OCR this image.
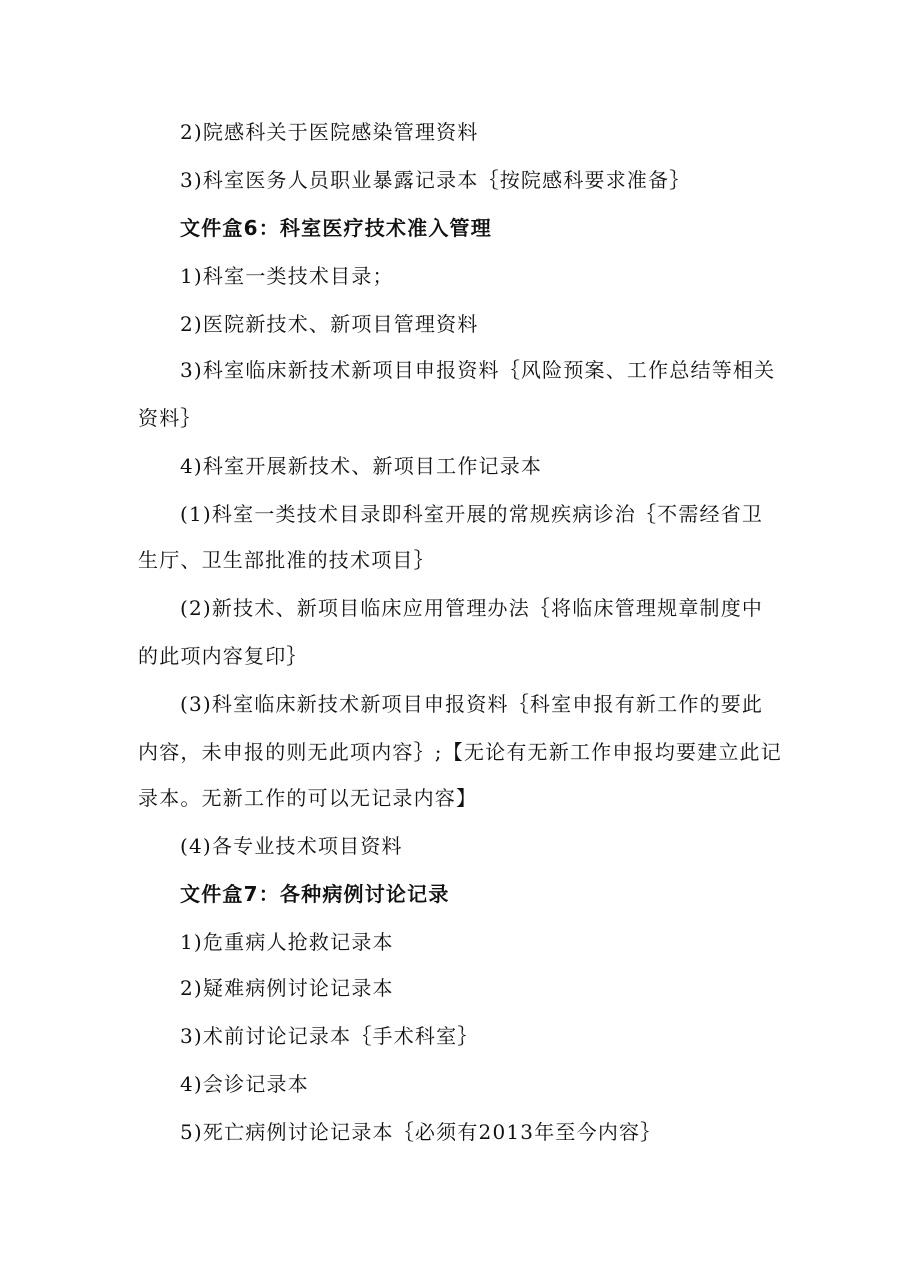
2)院感科关于医院感染管理资料
3)科室医务人员职业暴露记录本｛按院感科要求准备｝
文件盒6：科室医疗技术准入管理
1)科室一类技术目录；
2)医院新技术、新项目管理资料
3)科室临床新技术新项目申报资料｛风险预案、工作总结等相关
资料｝
4)科室开展新技术、新项目工作记录本
(1)科室一类技术目录即科室开展的常规疾病诊治｛不需经省卫
生厅、卫生部批准的技术项目｝
(2)新技术、新项目临床应用管理办法｛将临床管理规章制度中
的此项内容复印｝
(3)科室临床新技术新项目申报资料｛科室申报有新工作的要此
内容，未申报的则无此项内容｝;【无论有无新工作申报均要建立此记
录本。无新工作的可以无记录内容】
(4)各专业技术项目资料
文件盒7：各种病例讨论记录
1)危重病人抢救记录本
2)疑难病例讨论记录本
3)术前讨论记录本｛手术科室｝
4)会诊记录本
5)死亡病例讨论记录本｛必须有2013年至今内容｝
